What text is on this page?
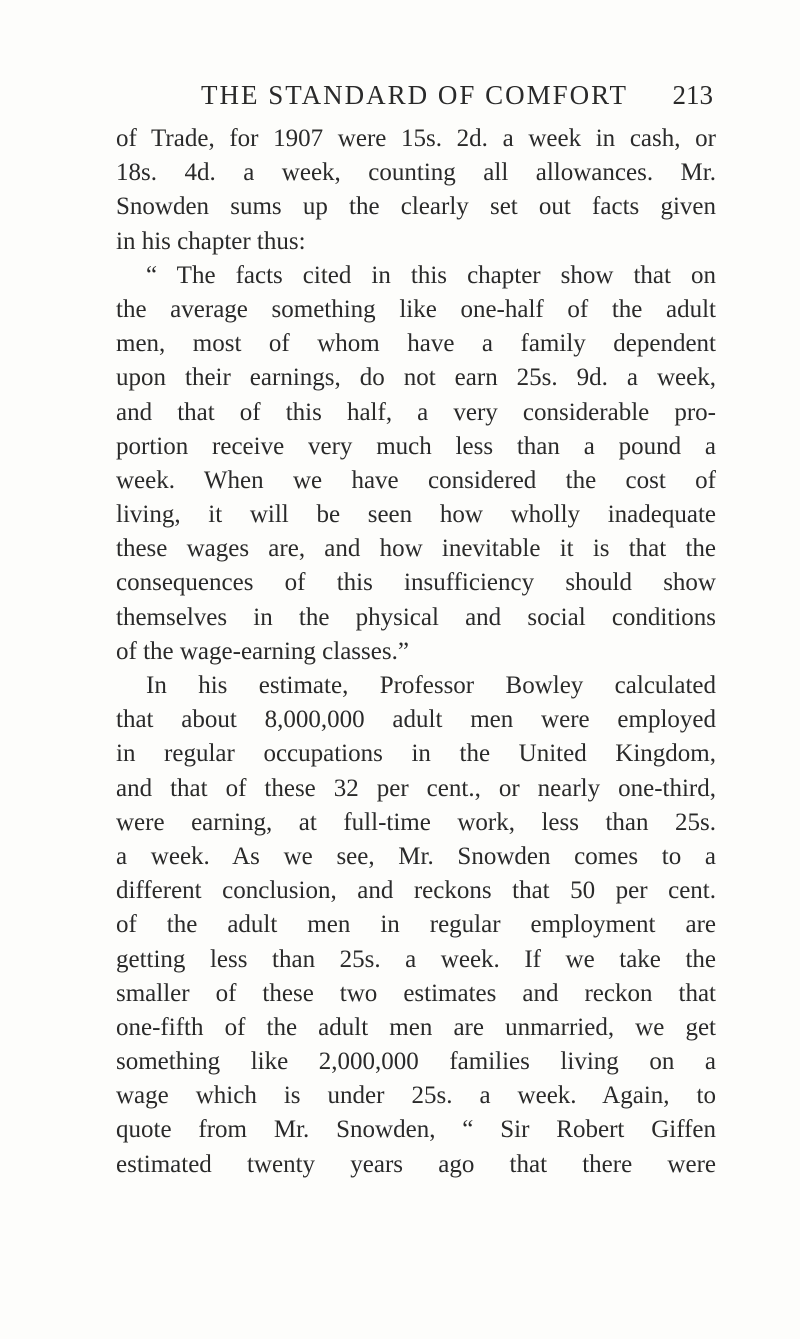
THE STANDARD OF COMFORT 213
of Trade, for 1907 were 15s. 2d. a week in cash, or
18s. 4d. a week, counting all allowances. Mr.
Snowden sums up the clearly set out facts given
in his chapter thus:
“ The facts cited in this chapter show that on
the average something like one-half of the adult
men, most of whom have a family dependent
upon their earnings, do not earn 25s. 9d. a week,
and that of this half, a very considerable pro-
portion receive very much less than a pound a
week. When we have considered the cost of
living, it will be seen how wholly inadequate
these wages are, and how inevitable it is that the
consequences of this insufficiency should show
themselves in the physical and social conditions
of the wage-earning classes.”
In his estimate, Professor Bowley calculated
that about 8,000,000 adult men were employed
in regular occupations in the United Kingdom,
and that of these 32 per cent., or nearly one-third,
were earning, at full-time work, less than 25s.
a week. As we see, Mr. Snowden comes to a
different conclusion, and reckons that 50 per cent.
of the adult men in regular employment are
getting less than 25s. a week. If we take the
smaller of these two estimates and reckon that
one-fifth of the adult men are unmarried, we get
something like 2,000,000 families living on a
wage which is under 25s. a week. Again, to
quote from Mr. Snowden, “ Sir Robert Giffen
estimated twenty years ago that there were
